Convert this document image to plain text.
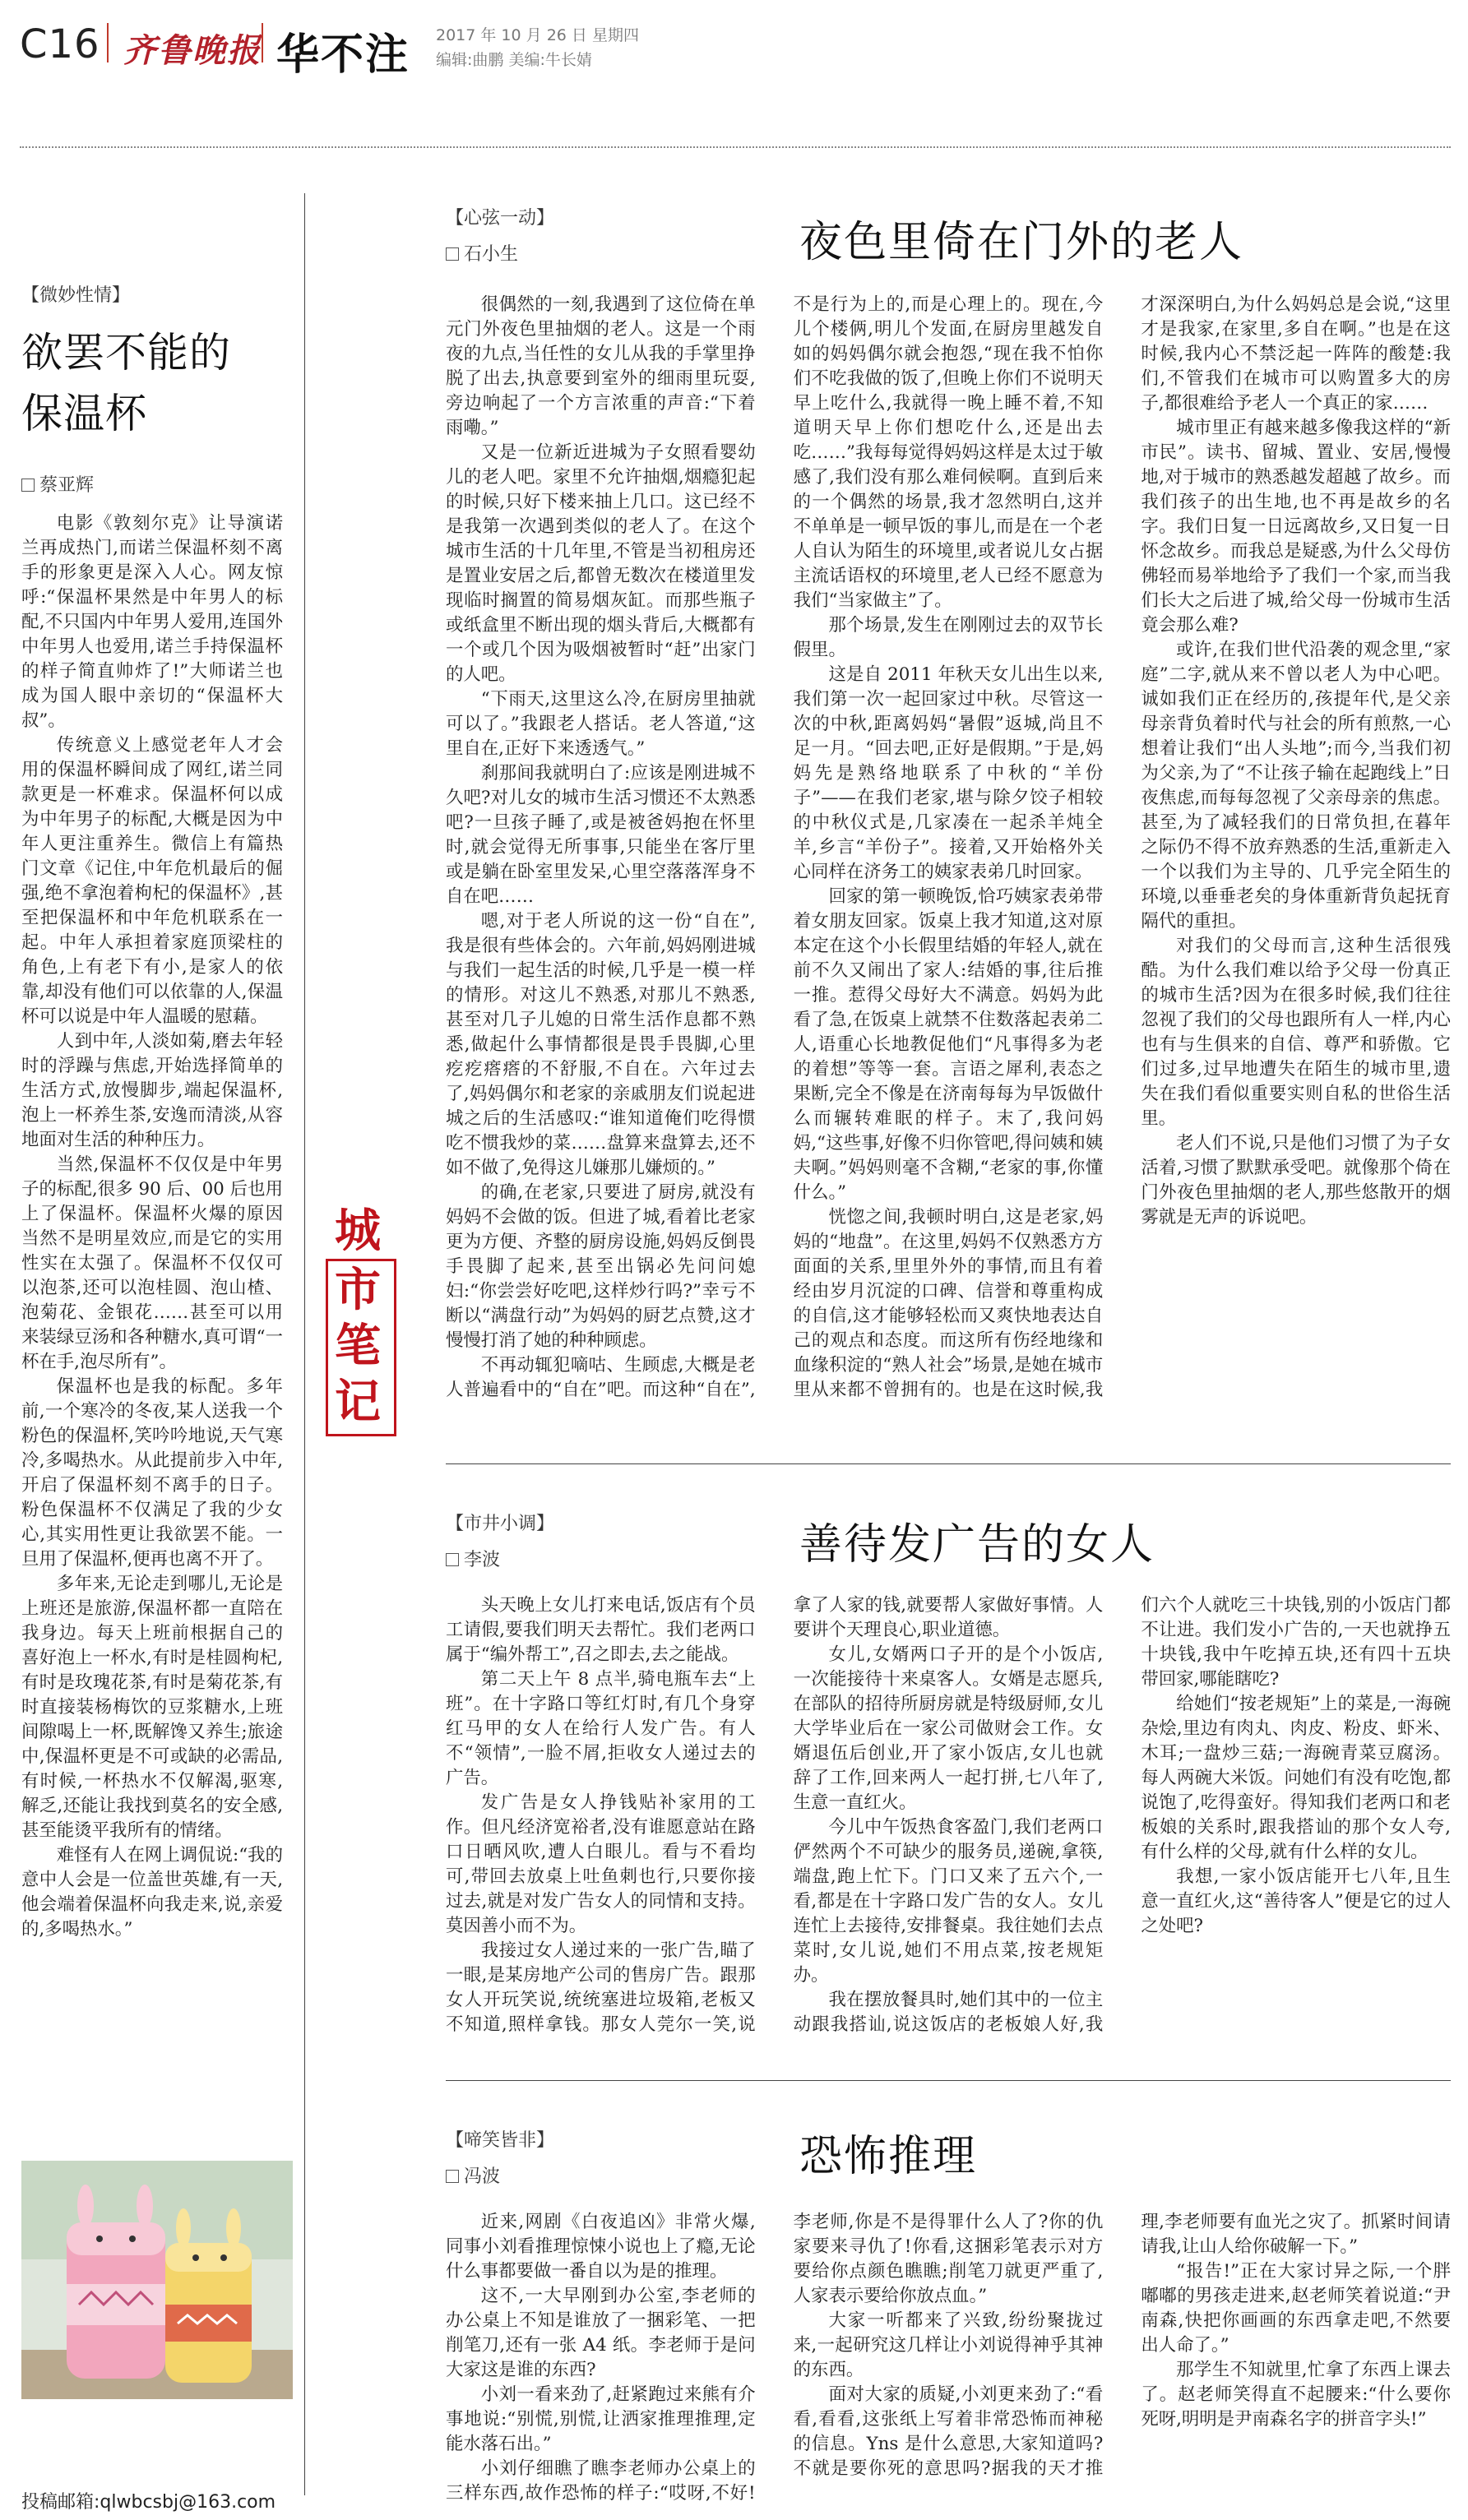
C16 齐鲁晚报 华不注 2017 年 10 月 26 日 星期四
编辑:曲鹏 美编:牛长婧
【微妙性情】
欲罢不能的
保温杯
蔡亚辉

电影《敦刻尔克》让导演诺兰再成热门,而诺兰保温杯刻不离手的形象更是深入人心。网友惊呼:“保温杯果然是中年男人的标配,不只国内中年男人爱用,连国外中年男人也爱用,诺兰手持保温杯的样子简直帅炸了!”大师诺兰也成为国人眼中亲切的“保温杯大叔”。

传统意义上感觉老年人才会用的保温杯瞬间成了网红,诺兰同款更是一杯难求。保温杯何以成为中年男子的标配,大概是因为中年人更注重养生。微信上有篇热门文章《记住,中年危机最后的倔强,绝不拿泡着枸杞的保温杯》,甚至把保温杯和中年危机联系在一起。中年人承担着家庭顶梁柱的角色,上有老下有小,是家人的依靠,却没有他们可以依靠的人,保温杯可以说是中年人温暖的慰藉。

人到中年,人淡如菊,磨去年轻时的浮躁与焦虑,开始选择简单的生活方式,放慢脚步,端起保温杯,泡上一杯养生茶,安逸而清淡,从容地面对生活的种种压力。

当然,保温杯不仅仅是中年男子的标配,很多 90 后、00 后也用上了保温杯。保温杯火爆的原因当然不是明星效应,而是它的实用性实在太强了。保温杯不仅仅可以泡茶,还可以泡桂圆、泡山楂、泡菊花、金银花……甚至可以用来装绿豆汤和各种糖水,真可谓“一杯在手,泡尽所有”。

保温杯也是我的标配。多年前,一个寒冷的冬夜,某人送我一个粉色的保温杯,笑吟吟地说,天气寒冷,多喝热水。从此提前步入中年,开启了保温杯刻不离手的日子。粉色保温杯不仅满足了我的少女心,其实用性更让我欲罢不能。一旦用了保温杯,便再也离不开了。

多年来,无论走到哪儿,无论是上班还是旅游,保温杯都一直陪在我身边。每天上班前根据自己的喜好泡上一杯水,有时是桂圆枸杞,有时是玫瑰花茶,有时是菊花茶,有时直接装杨梅饮的豆浆糖水,上班间隙喝上一杯,既解馋又养生;旅途中,保温杯更是不可或缺的必需品,有时候,一杯热水不仅解渴,驱寒,解乏,还能让我找到莫名的安全感,甚至能烫平我所有的情绪。

难怪有人在网上调侃说:“我的意中人会是一位盖世英雄,有一天,他会端着保温杯向我走来,说,亲爱的,多喝热水。”

投稿邮箱:qlwbcsbj@163.com
城
市
笔
记
【心弦一动】
石小生	夜色里倚在门外的老人

很偶然的一刻,我遇到了这位倚在单元门外夜色里抽烟的老人。这是一个雨夜的九点,当任性的女儿从我的手掌里挣脱了出去,执意要到室外的细雨里玩耍,旁边响起了一个方言浓重的声音:“下着雨嘞。”

又是一位新近进城为子女照看婴幼儿的老人吧。家里不允许抽烟,烟瘾犯起的时候,只好下楼来抽上几口。这已经不是我第一次遇到类似的老人了。在这个城市生活的十几年里,不管是当初租房还是置业安居之后,都曾无数次在楼道里发现临时搁置的简易烟灰缸。而那些瓶子或纸盒里不断出现的烟头背后,大概都有一个或几个因为吸烟被暂时“赶”出家门的人吧。

“下雨天,这里这么冷,在厨房里抽就可以了。”我跟老人搭话。老人答道,“这里自在,正好下来透透气。”

刹那间我就明白了:应该是刚进城不久吧?对儿女的城市生活习惯还不太熟悉吧?一旦孩子睡了,或是被爸妈抱在怀里时,就会觉得无所事事,只能坐在客厅里或是躺在卧室里发呆,心里空落落浑身不自在吧……

嗯,对于老人所说的这一份“自在”,我是很有些体会的。六年前,妈妈刚进城与我们一起生活的时候,几乎是一模一样的情形。对这儿不熟悉,对那儿不熟悉,甚至对几子儿媳的日常生活作息都不熟悉,做起什么事情都很是畏手畏脚,心里疙疙瘩瘩的不舒服,不自在。六年过去了,妈妈偶尔和老家的亲戚朋友们说起进城之后的生活感叹:“谁知道俺们吃得惯吃不惯我炒的菜……盘算来盘算去,还不如不做了,免得这儿嫌那儿嫌烦的。”

的确,在老家,只要进了厨房,就没有妈妈不会做的饭。但进了城,看着比老家更为方便、齐整的厨房设施,妈妈反倒畏手畏脚了起来,甚至出锅必先问问媳妇:“你尝尝好吃吧,这样炒行吗?”幸亏不断以“满盘行动”为妈妈的厨艺点赞,这才慢慢打消了她的种种顾虑。

不再动辄犯嘀咕、生顾虑,大概是老人普遍看中的“自在”吧。而这种“自在”,不是行为上的,而是心理上的。现在,今儿个楼俩,明儿个发面,在厨房里越发自如的妈妈偶尔就会抱怨,“现在我不怕你们不吃我做的饭了,但晚上你们不说明天早上吃什么,我就得一晚上睡不着,不知道明天早上你们想吃什么,还是出去吃……”我每每觉得妈妈这样是太过于敏感了,我们没有那么难伺候啊。直到后来的一个偶然的场景,我才忽然明白,这并不单单是一顿早饭的事儿,而是在一个老人自认为陌生的环境里,或者说儿女占据主流话语权的环境里,老人已经不愿意为我们“当家做主”了。

那个场景,发生在刚刚过去的双节长假里。

这是自 2011 年秋天女儿出生以来,我们第一次一起回家过中秋。尽管这一次的中秋,距离妈妈“暑假”返城,尚且不足一月。“回去吧,正好是假期。”于是,妈妈先是熟络地联系了中秋的“羊份子”——在我们老家,堪与除夕饺子相较的中秋仪式是,几家凑在一起杀羊炖全羊,乡言“羊份子”。接着,又开始格外关心同样在济务工的姨家表弟几时回家。

回家的第一顿晚饭,恰巧姨家表弟带着女朋友回家。饭桌上我才知道,这对原本定在这个小长假里结婚的年轻人,就在前不久又闹出了家人:结婚的事,往后推一推。惹得父母好大不满意。妈妈为此看了急,在饭桌上就禁不住数落起表弟二人,语重心长地教促他们“凡事得多为老的着想”等等一套。言语之犀利,表态之果断,完全不像是在济南每每为早饭做什么而辗转难眠的样子。末了,我问妈妈,“这些事,好像不归你管吧,得问姨和姨夫啊。”妈妈则毫不含糊,“老家的事,你懂什么。”

恍惚之间,我顿时明白,这是老家,妈妈的“地盘”。在这里,妈妈不仅熟悉方方面面的关系,里里外外的事情,而且有着经由岁月沉淀的口碑、信誉和尊重构成的自信,这才能够轻松而又爽快地表达自己的观点和态度。而这所有伤经地缘和血缘积淀的“熟人社会”场景,是她在城市里从来都不曾拥有的。也是在这时候,我才深深明白,为什么妈妈总是会说,“这里才是我家,在家里,多自在啊。”也是在这时候,我内心不禁泛起一阵阵的酸楚:我们,不管我们在城市可以购置多大的房子,都很难给予老人一个真正的家……

城市里正有越来越多像我这样的“新市民”。读书、留城、置业、安居,慢慢地,对于城市的熟悉越发超越了故乡。而我们孩子的出生地,也不再是故乡的名字。我们日复一日远离故乡,又日复一日怀念故乡。而我总是疑惑,为什么父母仿佛轻而易举地给予了我们一个家,而当我们长大之后进了城,给父母一份城市生活竟会那么难?

或许,在我们世代沿袭的观念里,“家庭”二字,就从来不曾以老人为中心吧。诚如我们正在经历的,孩提年代,是父亲母亲背负着时代与社会的所有煎熬,一心想着让我们“出人头地”;而今,当我们初为父亲,为了“不让孩子输在起跑线上”日夜焦虑,而每每忽视了父亲母亲的焦虑。甚至,为了减轻我们的日常负担,在暮年之际仍不得不放弃熟悉的生活,重新走入一个以我们为主导的、几乎完全陌生的环境,以垂垂老矣的身体重新背负起抚育隔代的重担。

对我们的父母而言,这种生活很残酷。为什么我们难以给予父母一份真正的城市生活?因为在很多时候,我们往往忽视了我们的父母也跟所有人一样,内心也有与生俱来的自信、尊严和骄傲。它们过多,过早地遭失在陌生的城市里,遗失在我们看似重要实则自私的世俗生活里。

老人们不说,只是他们习惯了为子女活着,习惯了默默承受吧。就像那个倚在门外夜色里抽烟的老人,那些悠散开的烟雾就是无声的诉说吧。

【市井小调】
李波	善待发广告的女人

头天晚上女儿打来电话,饭店有个员工请假,要我们明天去帮忙。我们老两口属于“编外帮工”,召之即去,去之能战。

第二天上午 8 点半,骑电瓶车去“上班”。在十字路口等红灯时,有几个身穿红马甲的女人在给行人发广告。有人不“领情”,一脸不屑,拒收女人递过去的广告。

发广告是女人挣钱贴补家用的工作。但凡经济宽裕者,没有谁愿意站在路口日晒风吹,遭人白眼儿。看与不看均可,带回去放桌上吐鱼刺也行,只要你接过去,就是对发广告女人的同情和支持。莫因善小而不为。

我接过女人递过来的一张广告,瞄了一眼,是某房地产公司的售房广告。跟那女人开玩笑说,统统塞进垃圾箱,老板又不知道,照样拿钱。那女人莞尔一笑,说拿了人家的钱,就要帮人家做好事情。人要讲个天理良心,职业道德。

女儿,女婿两口子开的是个小饭店,一次能接待十来桌客人。女婿是志愿兵,在部队的招待所厨房就是特级厨师,女儿大学毕业后在一家公司做财会工作。女婿退伍后创业,开了家小饭店,女儿也就辞了工作,回来两人一起打拼,七八年了,生意一直红火。

今儿中午饭热食客盈门,我们老两口俨然两个不可缺少的服务员,递碗,拿筷,端盘,跑上忙下。门口又来了五六个,一看,都是在十字路口发广告的女人。女儿连忙上去接待,安排餐桌。我往她们去点菜时,女儿说,她们不用点菜,按老规矩办。

我在摆放餐具时,她们其中的一位主动跟我搭讪,说这饭店的老板娘人好,我们六个人就吃三十块钱,别的小饭店门都不让进。我们发小广告的,一天也就挣五十块钱,我中午吃掉五块,还有四十五块带回家,哪能瞎吃?

给她们“按老规矩”上的菜是,一海碗杂烩,里边有肉丸、肉皮、粉皮、虾米、木耳;一盘炒三菇;一海碗青菜豆腐汤。每人两碗大米饭。问她们有没有吃饱,都说饱了,吃得蛮好。得知我们老两口和老板娘的关系时,跟我搭讪的那个女人夸,有什么样的父母,就有什么样的女儿。

我想,一家小饭店能开七八年,且生意一直红火,这“善待客人”便是它的过人之处吧?

【啼笑皆非】
冯波	恐怖推理

近来,网剧《白夜追凶》非常火爆,同事小刘看推理惊悚小说也上了瘾,无论什么事都要做一番自以为是的推理。

这不,一大早刚到办公室,李老师的办公桌上不知是谁放了一捆彩笔、一把削笔刀,还有一张 A4 纸。李老师于是问大家这是谁的东西?

小刘一看来劲了,赶紧跑过来熊有介事地说:“别慌,别慌,让洒家推理推理,定能水落石出。”

小刘仔细瞧了瞧李老师办公桌上的三样东西,故作恐怖的样子:“哎呀,不好!李老师,你是不是得罪什么人了?你的仇家要来寻仇了!你看,这捆彩笔表示对方要给你点颜色瞧瞧;削笔刀就更严重了,人家表示要给你放点血。”

大家一听都来了兴致,纷纷聚拢过来,一起研究这几样让小刘说得神乎其神的东西。

面对大家的质疑,小刘更来劲了:“看看,看看,这张纸上写着非常恐怖而神秘的信息。Yns 是什么意思,大家知道吗?不就是要你死的意思吗?据我的天才推理,李老师要有血光之灾了。抓紧时间请请我,让山人给你破解一下。”

“报告!”正在大家讨异之际,一个胖嘟嘟的男孩走进来,赵老师笑着说道:“尹南森,快把你画画的东西拿走吧,不然要出人命了。”

那学生不知就里,忙拿了东西上课去了。赵老师笑得直不起腰来:“什么要你死呀,明明是尹南森名字的拼音字头!”
